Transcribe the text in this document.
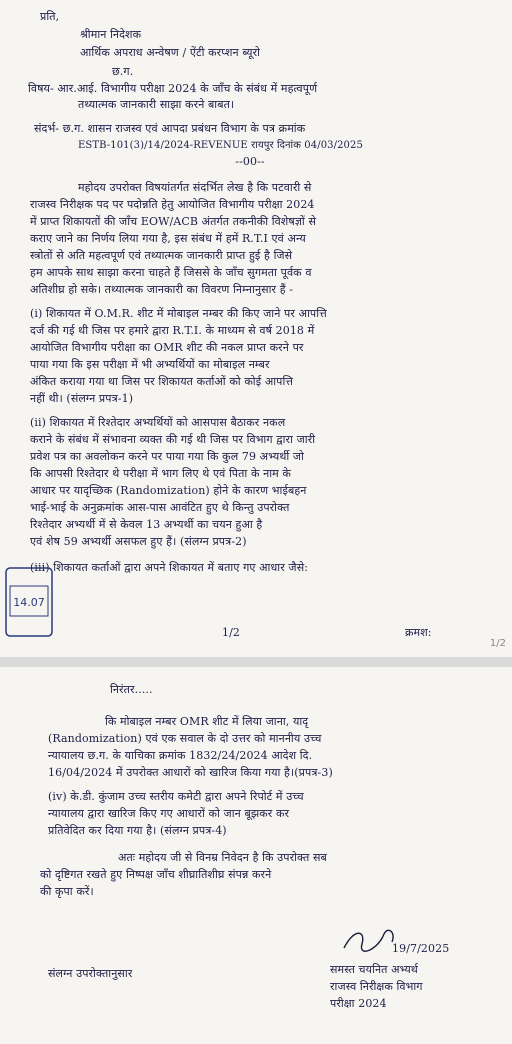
प्रति,
श्रीमान निदेशक
आर्थिक अपराध अन्वेषण / ऐंटी करप्शन ब्यूरो
छ.ग.
विषय- आर.आई. विभागीय परीक्षा 2024 के जाँच के संबंध में महत्वपूर्ण
तथ्यात्मक जानकारी साझा करने बाबत।
संदर्भ- छ.ग. शासन राजस्व एवं आपदा प्रबंधन विभाग के पत्र क्रमांक
ESTB-101(3)/14/2024-REVENUE रायपुर दिनांक 04/03/2025
--00--
महोदय उपरोक्त विषयांतर्गत संदर्भित लेख है कि पटवारी से
राजस्व निरीक्षक पद पर पदोन्नति हेतु आयोजित विभागीय परीक्षा 2024
में प्राप्त शिकायतों की जाँच EOW/ACB अंतर्गत तकनीकी विशेषज्ञों से
कराए जाने का निर्णय लिया गया है, इस संबंध में हमें R.T.I एवं अन्य
स्त्रोतों से अति महत्वपूर्ण एवं तथ्यात्मक जानकारी प्राप्त हुई है जिसे
हम आपके साथ साझा करना चाहते हैं जिससे के जाँच सुगमता पूर्वक व
अतिशीघ्र हो सके। तथ्यात्मक जानकारी का विवरण निम्नानुसार हैं -
(i) शिकायत में O.M.R. शीट में मोबाइल नम्बर की किए जाने पर आपत्ति
दर्ज की गई थी जिस पर हमारे द्वारा R.T.I. के माध्यम से वर्ष 2018 में
आयोजित विभागीय परीक्षा का OMR शीट की नकल प्राप्त करने पर
पाया गया कि इस परीक्षा में भी अभ्यर्थियों का मोबाइल नम्बर
अंकित कराया गया था जिस पर शिकायत कर्ताओं को कोई आपत्ति
नहीं थी। (संलग्न प्रपत्र-1)
(ii) शिकायत में रिश्तेदार अभ्यर्थियों को आसपास बैठाकर नकल
कराने के संबंध में संभावना व्यक्त की गई थी जिस पर विभाग द्वारा जारी
प्रवेश पत्र का अवलोकन करने पर पाया गया कि कुल 79 अभ्यर्थी जो
कि आपसी रिश्तेदार थे परीक्षा में भाग लिए थे एवं पिता के नाम के
आधार पर यादृच्छिक (Randomization) होने के कारण भाईबहन
भाई-भाई के अनुक्रमांक आस-पास आवंटित हुए थे किन्तु उपरोक्त
रिश्तेदार अभ्यर्थी में से केवल 13 अभ्यर्थी का चयन हुआ है
एवं शेष 59 अभ्यर्थी असफल हुए हैं। (संलग्न प्रपत्र-2)
(iii) शिकायत कर्ताओं द्वारा अपने शिकायत में बताए गए आधार जैसे:
1/2	क्रमश:
14.07
1/2
निरंतर.....
कि मोबाइल नम्बर OMR शीट में लिया जाना, यादृ
(Randomization) एवं एक सवाल के दो उत्तर को माननीय उच्च
न्यायालय छ.ग. के याचिका क्रमांक 1832/24/2024 आदेश दि.
16/04/2024 में उपरोक्त आधारों को खारिज किया गया है।(प्रपत्र-3)
(iv) के.डी. कुंजाम उच्च स्तरीय कमेटी द्वारा अपने रिपोर्ट में उच्च
न्यायालय द्वारा खारिज किए गए आधारों को जान बूझकर कर
प्रतिवेदित कर दिया गया है। (संलग्न प्रपत्र-4)
अतः महोदय जी से विनम्र निवेदन है कि उपरोक्त सब
को दृष्टिगत रखते हुए निष्पक्ष जाँच शीघ्रातिशीघ्र संपन्न करने
की कृपा करें।
19/7/2025
संलग्न उपरोक्तानुसार	समस्त चयनित अभ्यर्थ
राजस्व निरीक्षक विभाग
परीक्षा 2024
